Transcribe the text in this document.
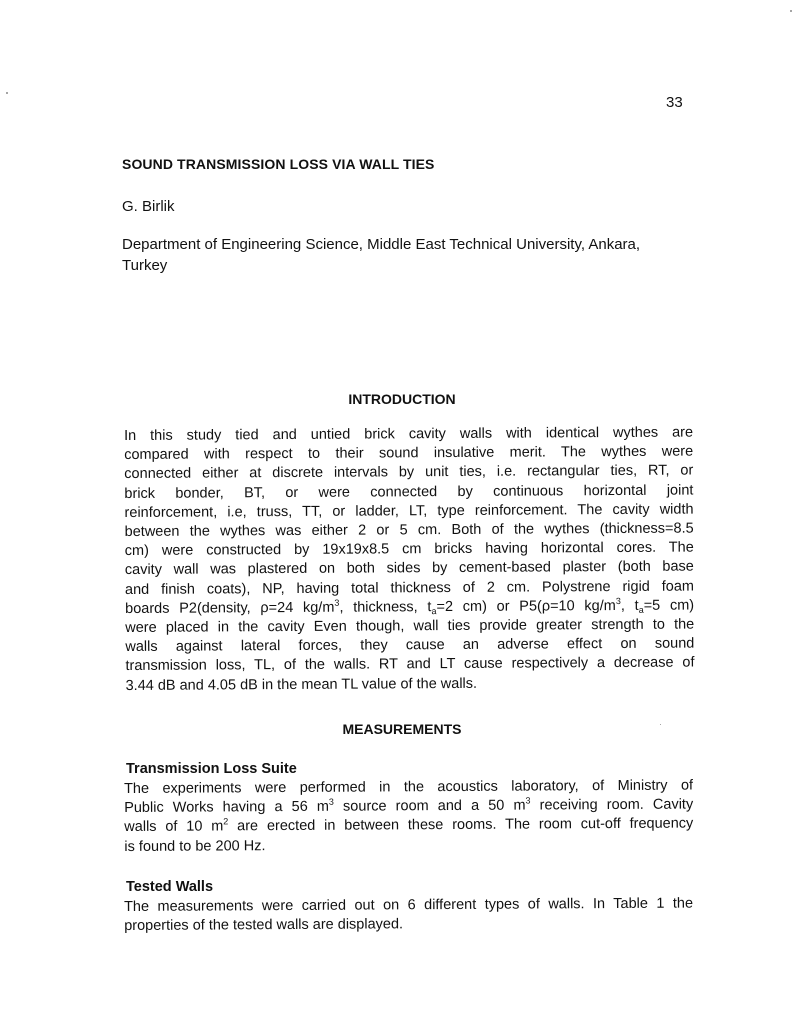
33
SOUND TRANSMISSION LOSS VIA WALL TIES
G. Birlik
Department of Engineering Science, Middle East Technical University, Ankara,
Turkey
INTRODUCTION
In this study tied and untied brick cavity walls with identical wythes are
compared with respect to their sound insulative merit. The wythes were
connected either at discrete intervals by unit ties, i.e. rectangular ties, RT, or
brick bonder, BT, or were connected by continuous horizontal joint
reinforcement, i.e, truss, TT, or ladder, LT, type reinforcement. The cavity width
between the wythes was either 2 or 5 cm. Both of the wythes (thickness=8.5
cm) were constructed by 19x19x8.5 cm bricks having horizontal cores. The
cavity wall was plastered on both sides by cement-based plaster (both base
and finish coats), NP, having total thickness of 2 cm. Polystrene rigid foam
boards P2(density, ρ=24 $kg/m^3$, thickness, $t_a=2$ cm) or P5(ρ=10 $kg/m^3$, $t_a=5$ cm)
were placed in the cavity Even though, wall ties provide greater strength to the
walls against lateral forces, they cause an adverse effect on sound
transmission loss, TL, of the walls. RT and LT cause respectively a decrease of
3.44 dB and 4.05 dB in the mean TL value of the walls.
MEASUREMENTS
Transmission Loss Suite
The experiments were performed in the acoustics laboratory, of Ministry of
Public Works having a 56 $m^3$ source room and a 50 $m^3$ receiving room. Cavity
walls of 10 $m^2$ are erected in between these rooms. The room cut-off frequency
is found to be 200 Hz.
Tested Walls
The measurements were carried out on 6 different types of walls. In Table 1 the
properties of the tested walls are displayed.
